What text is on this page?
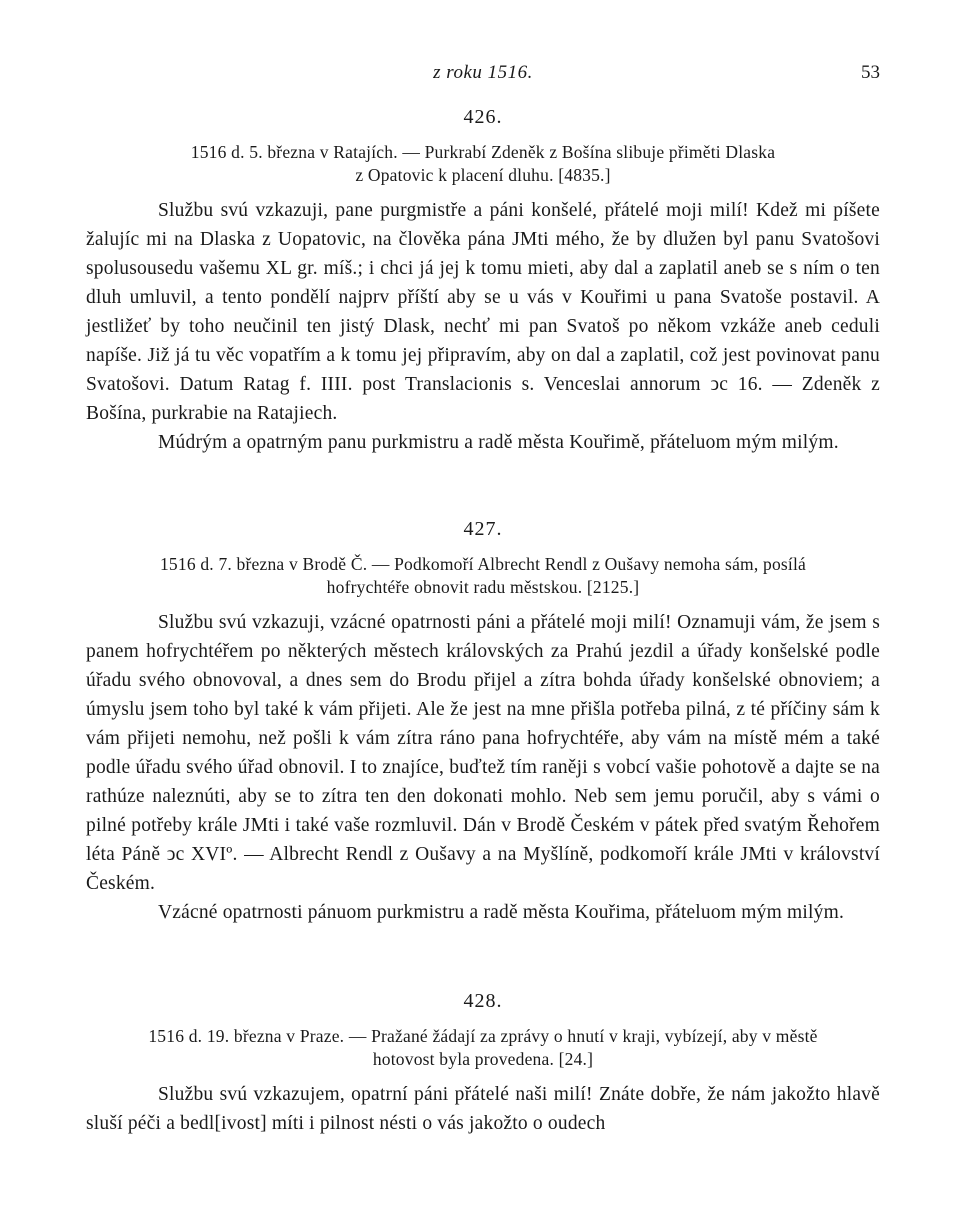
z roku 1516.	53
426.
1516 d. 5. března v Ratajích. — Purkrabí Zdeněk z Bošína slibuje přiměti Dlaska
z Opatovic k placení dluhu. [4835.]

Službu svú vzkazuji, pane purgmistře a páni konšelé, přátelé moji milí! Kdež mi píšete žalujíc mi na Dlaska z Uopatovic, na člověka pána JMti mého, že by dlužen byl panu Svatošovi spolusousedu vašemu XL gr. míš.; i chci já jej k tomu mieti, aby dal a zaplatil aneb se s ním o ten dluh umluvil, a tento pondělí najprv příští aby se u vás v Kouřimi u pana Svatoše postavil. A jestližeť by toho neučinil ten jistý Dlask, nechť mi pan Svatoš po někom vzkáže aneb ceduli napíše. Již já tu věc vopatřím a k tomu jej připravím, aby on dal a zaplatil, což jest povinovat panu Svatošovi. Datum Ratag f. IIII. post Translacionis s. Venceslai annorum ↄc 16. — Zdeněk z Bošína, purkrabie na Ratajiech.

Múdrým a opatrným panu purkmistru a radě města Kouřimě, přáteluom mým milým.

427.
1516 d. 7. března v Brodě Č. — Podkomoří Albrecht Rendl z Oušavy nemoha sám, posílá
hofrychtéře obnovit radu městskou. [2125.]

Službu svú vzkazuji, vzácné opatrnosti páni a přátelé moji milí! Oznamuji vám, že jsem s panem hofrychtéřem po některých městech královských za Prahú jezdil a úřady konšelské podle úřadu svého obnovoval, a dnes sem do Brodu přijel a zítra bohda úřady konšelské obnoviem; a úmyslu jsem toho byl také k vám přijeti. Ale že jest na mne přišla potřeba pilná, z té příčiny sám k vám přijeti nemohu, než pošli k vám zítra ráno pana hofrychtéře, aby vám na místě mém a také podle úřadu svého úřad obnovil. I to znajíce, buďtež tím raněji s vobcí vašie pohotově a dajte se na rathúze naleznúti, aby se to zítra ten den dokonati mohlo. Neb sem jemu poručil, aby s vámi o pilné potřeby krále JMti i také vaše rozmluvil. Dán v Brodě Českém v pátek před svatým Řehořem léta Páně ↄc XVIº. — Albrecht Rendl z Oušavy a na Myšlíně, podkomoří krále JMti v království Českém.

Vzácné opatrnosti pánuom purkmistru a radě města Kouřima, přáteluom mým milým.

428.
1516 d. 19. března v Praze. — Pražané žádají za zprávy o hnutí v kraji, vybízejí, aby v městě
hotovost byla provedena. [24.]

Službu svú vzkazujem, opatrní páni přátelé naši milí! Znáte dobře, že nám jakožto hlavě sluší péči a bedl[ivost] míti i pilnost nésti o vás jakožto o oudech
